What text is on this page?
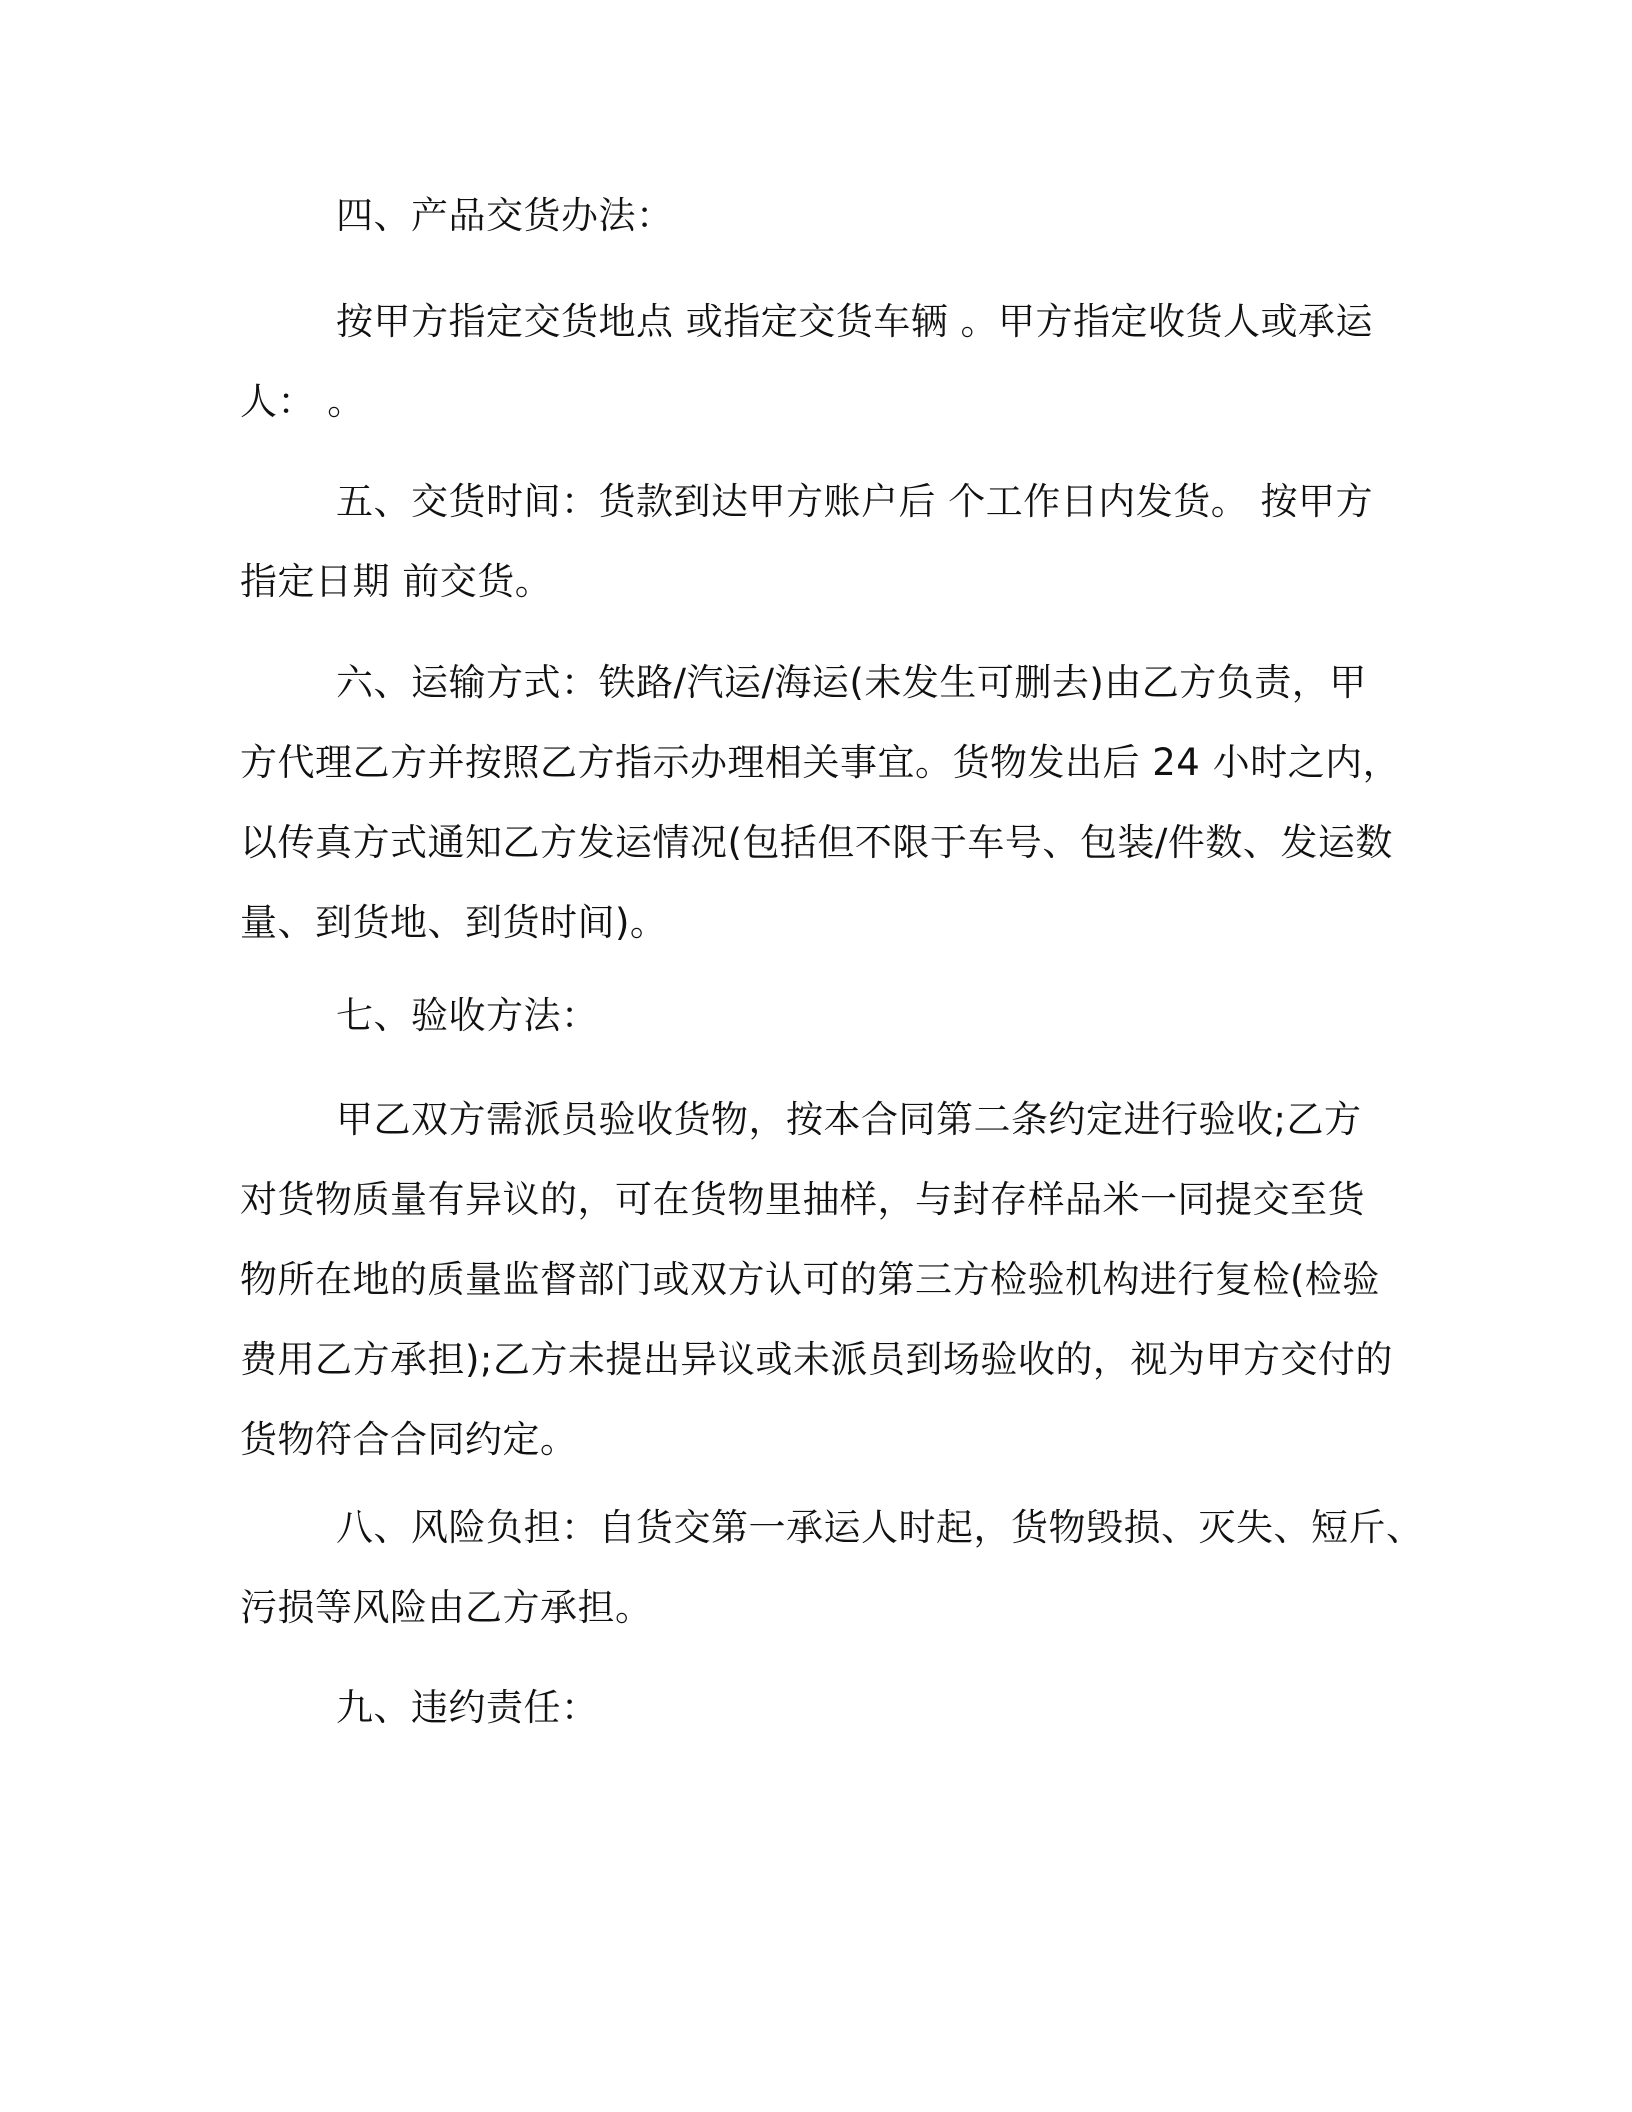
四、产品交货办法：
按甲方指定交货地点 或指定交货车辆 。甲方指定收货人或承运
人： 。
五、交货时间：货款到达甲方账户后 个工作日内发货。 按甲方
指定日期 前交货。
六、运输方式：铁路/汽运/海运(未发生可删去)由乙方负责，甲
方代理乙方并按照乙方指示办理相关事宜。货物发出后 24 小时之内，
以传真方式通知乙方发运情况(包括但不限于车号、包装/件数、发运数
量、到货地、到货时间)。
七、验收方法：
甲乙双方需派员验收货物，按本合同第二条约定进行验收;乙方
对货物质量有异议的，可在货物里抽样，与封存样品米一同提交至货
物所在地的质量监督部门或双方认可的第三方检验机构进行复检(检验
费用乙方承担);乙方未提出异议或未派员到场验收的，视为甲方交付的
货物符合合同约定。
八、风险负担：自货交第一承运人时起，货物毁损、灭失、短斤、
污损等风险由乙方承担。
九、违约责任：
